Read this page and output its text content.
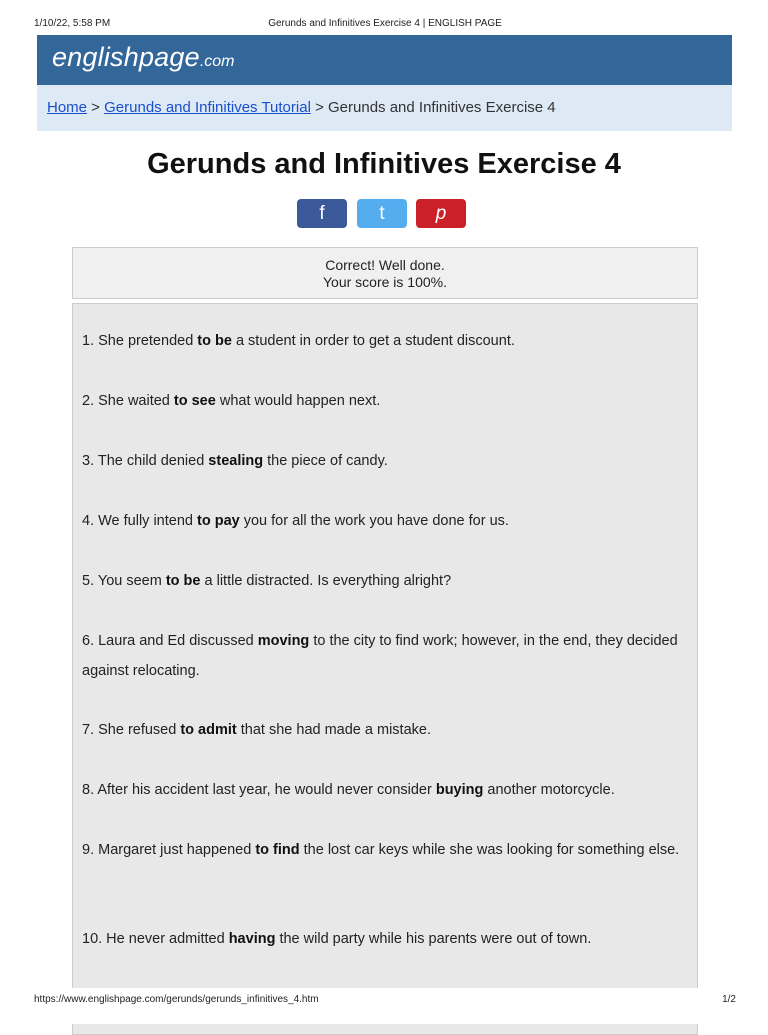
1/10/22, 5:58 PM	Gerunds and Infinitives Exercise 4 | ENGLISH PAGE
englishpage.com
Home > Gerunds and Infinitives Tutorial > Gerunds and Infinitives Exercise 4
Gerunds and Infinitives Exercise 4
f	t	p
Correct! Well done.
Your score is 100%.
1. She pretended to be a student in order to get a student discount.
2. She waited to see what would happen next.
3. The child denied stealing the piece of candy.
4. We fully intend to pay you for all the work you have done for us.
5. You seem to be a little distracted. Is everything alright?
6. Laura and Ed discussed moving to the city to find work; however, in the end, they decided against relocating.
7. She refused to admit that she had made a mistake.
8. After his accident last year, he would never consider buying another motorcycle.
9. Margaret just happened to find the lost car keys while she was looking for something else.
10. He never admitted having the wild party while his parents were out of town.
https://www.englishpage.com/gerunds/gerunds_infinitives_4.htm	1/2
